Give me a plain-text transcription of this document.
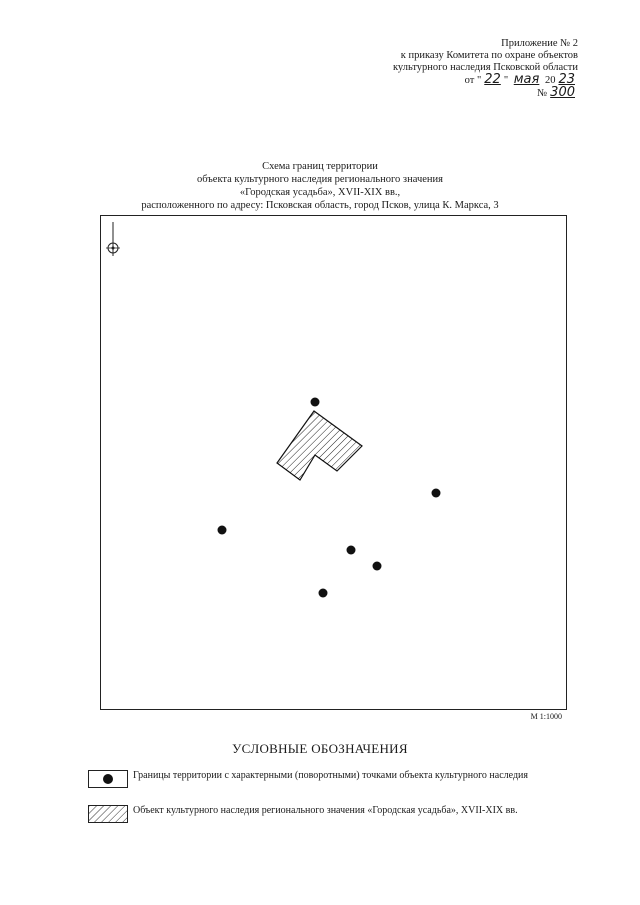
Приложение № 2
к приказу Комитета по охране объектов
культурного наследия Псковской области
от " 22 " мая 20 23
№ 300
Схема границ территории
объекта культурного наследия регионального значения
«Городская усадьба», XVII-XIX вв.,
расположенного по адресу: Псковская область, город Псков, улица К. Маркса, 3
М 1:1000
УСЛОВНЫЕ ОБОЗНАЧЕНИЯ
Границы территории с характерными (поворотными) точками объекта культурного наследия
Объект культурного наследия регионального значения «Городская усадьба», XVII-XIX вв.
